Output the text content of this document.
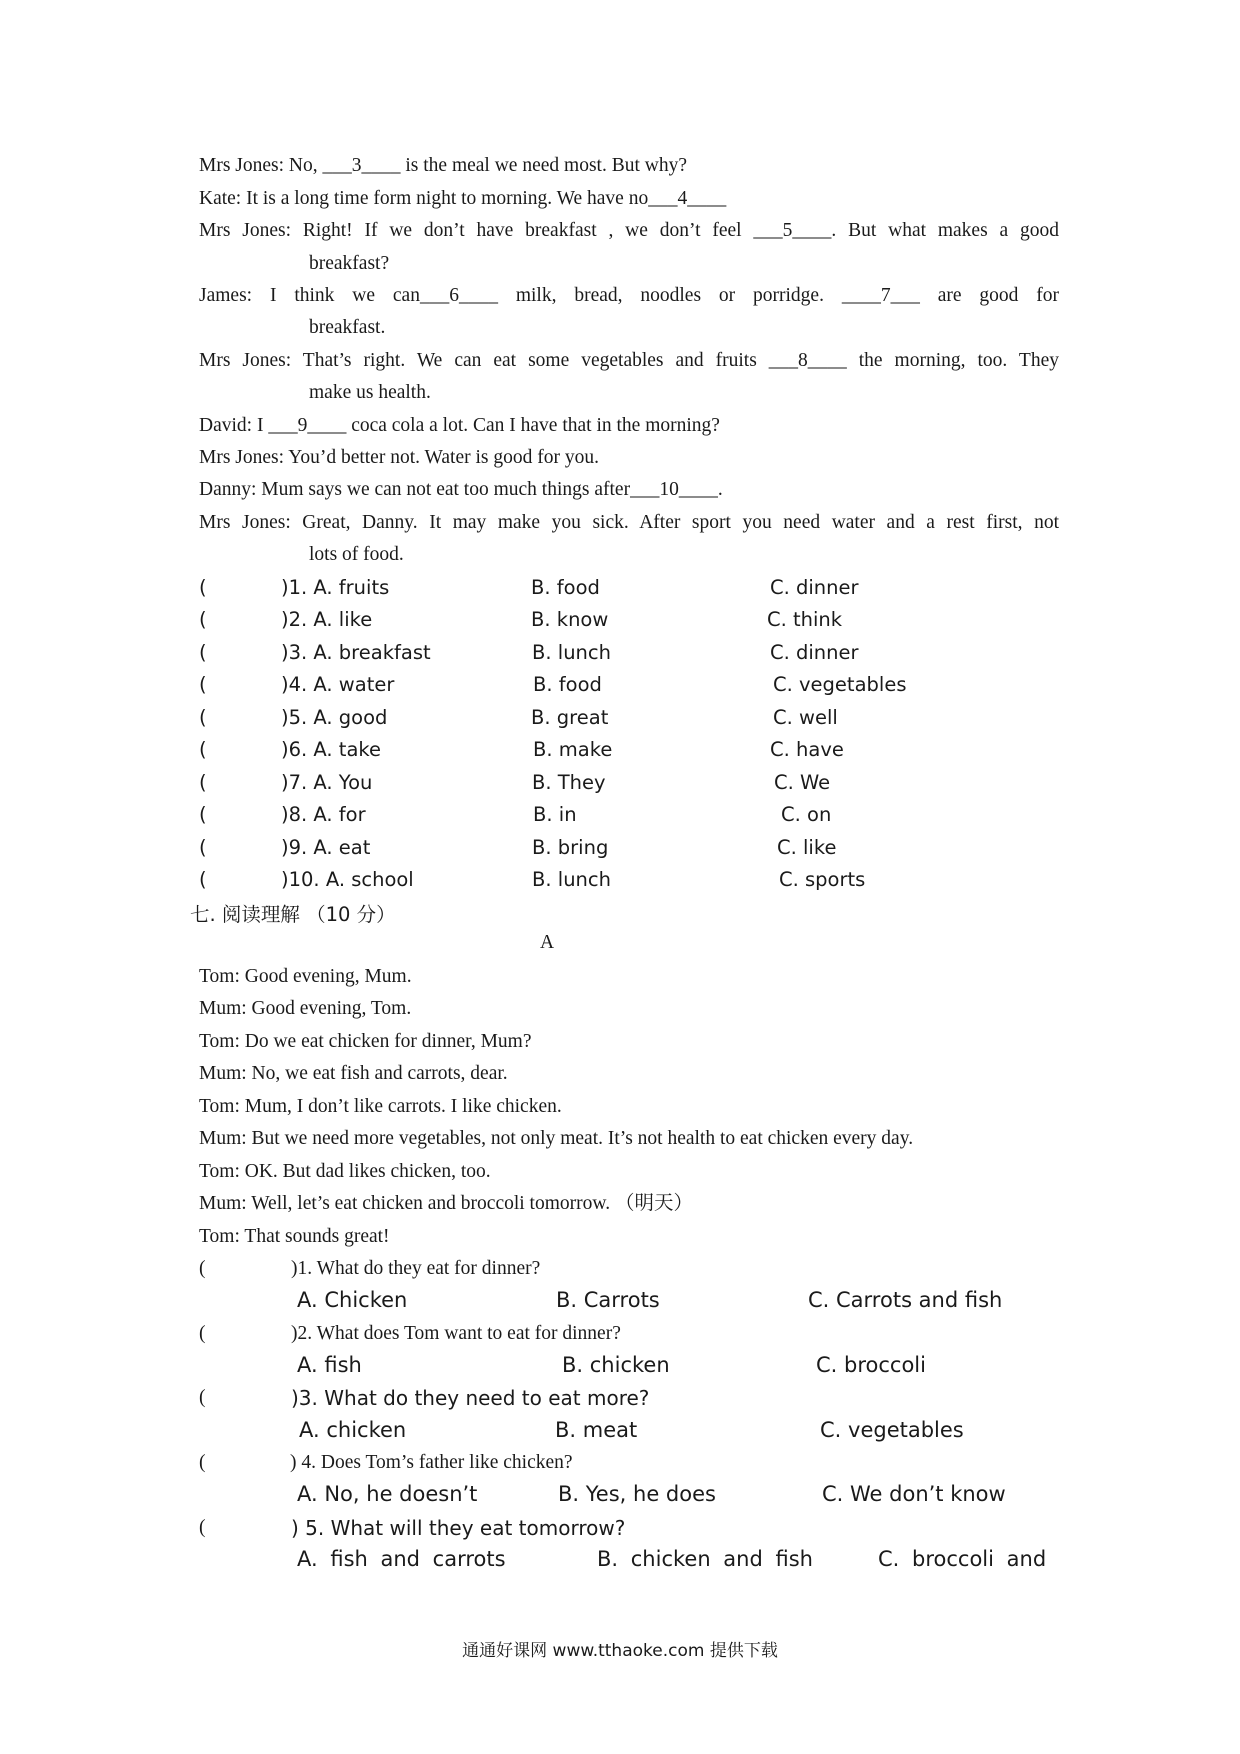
Mrs Jones: No, ___3____ is the meal we need most. But why?
Kate: It is a long time form night to morning. We have no___4____
Mrs Jones: Right! If we don’t have breakfast , we don’t feel ___5____. But what makes a good
breakfast?
James: I think we can___6____ milk, bread, noodles or porridge. ____7___ are good for
breakfast.
Mrs Jones: That’s right. We can eat some vegetables and fruits ___8____ the morning, too. They
make us health.
David: I ___9____ coca cola a lot. Can I have that in the morning?
Mrs Jones: You’d better not. Water is good for you.
Danny: Mum says we can not eat too much things after___10____.
Mrs Jones: Great, Danny. It may make you sick. After sport you need water and a rest first, not
lots of food.
(	)1. A. fruits	B. food	C. dinner
(	)2. A. like	B. know	C. think
(	)3. A. breakfast	B. lunch	C. dinner
(	)4. A. water	B. food	C. vegetables
(	)5. A. good	B. great	C. well
(	)6. A. take	B. make	C. have
(	)7. A. You	B. They	C. We
(	)8. A. for	B. in	C. on
(	)9. A. eat	B. bring	C. like
(	)10. A. school	B. lunch	C. sports
七. 阅读理解 （10 分）
A
Tom: Good evening, Mum.
Mum: Good evening, Tom.
Tom: Do we eat chicken for dinner, Mum?
Mum: No, we eat fish and carrots, dear.
Tom: Mum, I don’t like carrots. I like chicken.
Mum: But we need more vegetables, not only meat. It’s not health to eat chicken every day.
Tom: OK. But dad likes chicken, too.
Mum: Well, let’s eat chicken and broccoli tomorrow. （明天）
Tom: That sounds great!
(	)1. What do they eat for dinner?
A. Chicken	B. Carrots	C. Carrots and fish
(	)2. What does Tom want to eat for dinner?
A. fish	B. chicken	C. broccoli
(	)3. What do they need to eat more?
A. chicken	B. meat	C. vegetables
(	) 4. Does Tom’s father like chicken?
A. No, he doesn’t	B. Yes, he does	C. We don’t know
(	) 5. What will they eat tomorrow?
A. fish and carrots	B. chicken and fish	C. broccoli and
通通好课网 www.tthaoke.com 提供下载
